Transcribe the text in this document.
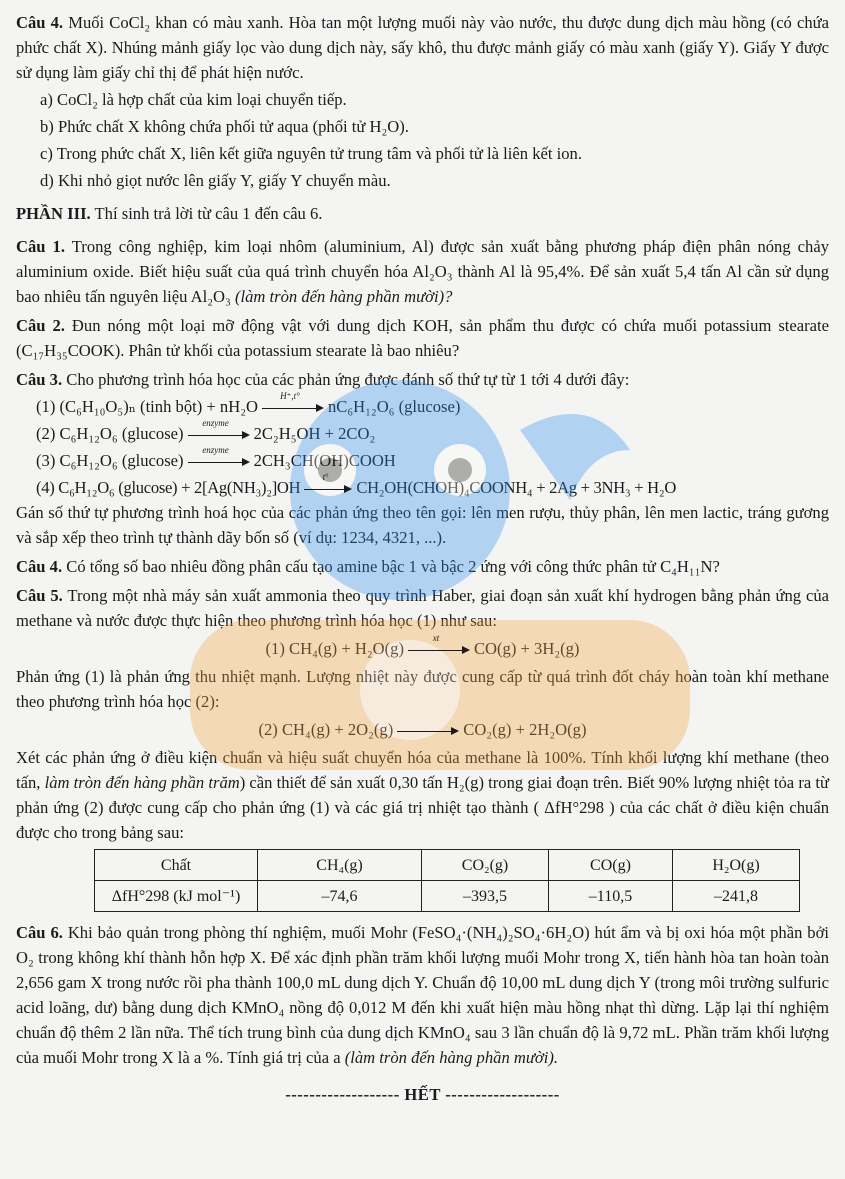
Câu 4. Muối CoCl₂ khan có màu xanh. Hòa tan một lượng muối này vào nước, thu được dung dịch màu hồng (có chứa phức chất X). Nhúng mảnh giấy lọc vào dung dịch này, sấy khô, thu được mảnh giấy có màu xanh (giấy Y). Giấy Y được sử dụng làm giấy chỉ thị để phát hiện nước.

a) CoCl₂ là hợp chất của kim loại chuyển tiếp.

b) Phức chất X không chứa phối tử aqua (phối tử H₂O).

c) Trong phức chất X, liên kết giữa nguyên tử trung tâm và phối tử là liên kết ion.

d) Khi nhỏ giọt nước lên giấy Y, giấy Y chuyển màu.

PHẦN III. Thí sinh trả lời từ câu 1 đến câu 6.

Câu 1. Trong công nghiệp, kim loại nhôm (aluminium, Al) được sản xuất bằng phương pháp điện phân nóng chảy aluminium oxide. Biết hiệu suất của quá trình chuyển hóa Al₂O₃ thành Al là 95,4%. Để sản xuất 5,4 tấn Al cần sử dụng bao nhiêu tấn nguyên liệu Al₂O₃ (làm tròn đến hàng phần mười)?

Câu 2. Đun nóng một loại mỡ động vật với dung dịch KOH, sản phẩm thu được có chứa muối potassium stearate (C₁₇H₃₅COOK). Phân tử khối của potassium stearate là bao nhiêu?

Câu 3. Cho phương trình hóa học của các phản ứng được đánh số thứ tự từ 1 tới 4 dưới đây:

(1) (C₆H₁₀O₅)ₙ (tinh bột) + nH₂O
H⁺,t°
nC₆H₁₂O₆ (glucose)

(2) C₆H₁₂O₆ (glucose)
enzyme
2C₂H₅OH + 2CO₂

(3) C₆H₁₂O₆ (glucose)
enzyme
2CH₃CH(OH)COOH

(4) C₆H₁₂O₆ (glucose) + 2[Ag(NH₃)₂]OH
t°
CH₂OH(CHOH)₄COONH₄ + 2Ag + 3NH₃ + H₂O

Gán số thứ tự phương trình hoá học của các phản ứng theo tên gọi: lên men rượu, thủy phân, lên men lactic, tráng gương và sắp xếp theo trình tự thành dãy bốn số (ví dụ: 1234, 4321, ...).

Câu 4. Có tổng số bao nhiêu đồng phân cấu tạo amine bậc 1 và bậc 2 ứng với công thức phân tử C₄H₁₁N?

Câu 5. Trong một nhà máy sản xuất ammonia theo quy trình Haber, giai đoạn sản xuất khí hydrogen bằng phản ứng của methane và nước được thực hiện theo phương trình hóa học (1) như sau:

(1) CH₄(g) + H₂O(g)
xt
CO(g) + 3H₂(g)

Phản ứng (1) là phản ứng thu nhiệt mạnh. Lượng nhiệt này được cung cấp từ quá trình đốt cháy hoàn toàn khí methane theo phương trình hóa học (2):

(2) CH₄(g) + 2O₂(g)	CO₂(g) + 2H₂O(g)

Xét các phản ứng ở điều kiện chuẩn và hiệu suất chuyển hóa của methane là 100%. Tính khối lượng khí methane (theo tấn, làm tròn đến hàng phần trăm) cần thiết để sản xuất 0,30 tấn H₂(g) trong giai đoạn trên. Biết 90% lượng nhiệt tỏa ra từ phản ứng (2) được cung cấp cho phản ứng (1) và các giá trị nhiệt tạo thành ( ΔfH°298 ) của các chất ở điều kiện chuẩn được cho trong bảng sau:

Chất	CH₄(g)	CO₂(g)	CO(g)	H₂O(g)
ΔfH°298 (kJ mol⁻¹)	–74,6	–393,5	–110,5	–241,8

Câu 6. Khi bảo quản trong phòng thí nghiệm, muối Mohr (FeSO₄·(NH₄)₂SO₄·6H₂O) hút ẩm và bị oxi hóa một phần bởi O₂ trong không khí thành hỗn hợp X. Để xác định phần trăm khối lượng muối Mohr trong X, tiến hành hòa tan hoàn toàn 2,656 gam X trong nước rồi pha thành 100,0 mL dung dịch Y. Chuẩn độ 10,00 mL dung dịch Y (trong môi trường sulfuric acid loãng, dư) bằng dung dịch KMnO₄ nồng độ 0,012 M đến khi xuất hiện màu hồng nhạt thì dừng. Lặp lại thí nghiệm chuẩn độ thêm 2 lần nữa. Thể tích trung bình của dung dịch KMnO₄ sau 3 lần chuẩn độ là 9,72 mL. Phần trăm khối lượng của muối Mohr trong X là a %. Tính giá trị của a (làm tròn đến hàng phần mười).

------------------- HẾT -------------------
